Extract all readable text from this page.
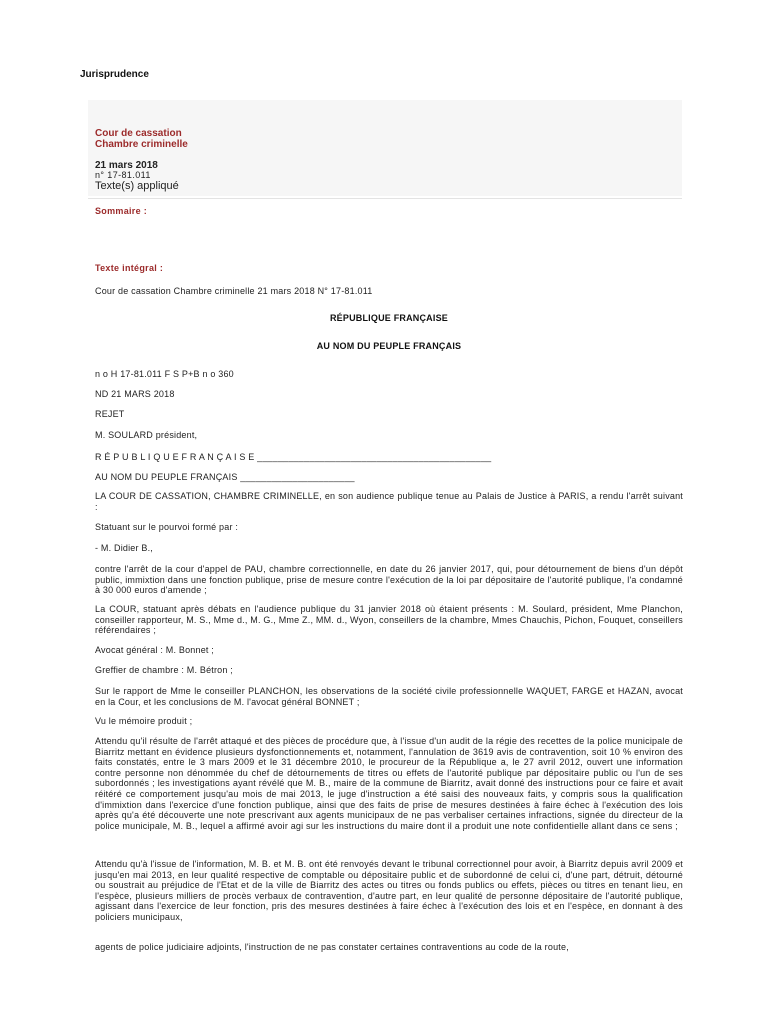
Jurisprudence
Cour de cassation
Chambre criminelle
21 mars 2018
n° 17-81.011
Texte(s) appliqué
Sommaire :
Texte intégral :
Cour de cassation Chambre criminelle 21 mars 2018 N° 17-81.011
RÉPUBLIQUE FRANÇAISE
AU NOM DU PEUPLE FRANÇAIS
n o H 17-81.011 F S P+B n o 360
ND 21 MARS 2018
REJET
M. SOULARD président,
R É P U B L I Q U E F R A N Ç A I S E _____________________________________________
AU NOM DU PEUPLE FRANÇAIS ______________________
LA COUR DE CASSATION, CHAMBRE CRIMINELLE, en son audience publique tenue au Palais de Justice à PARIS, a rendu l'arrêt suivant :
Statuant sur le pourvoi formé par :
- M. Didier B.,
contre l'arrêt de la cour d'appel de PAU, chambre correctionnelle, en date du 26 janvier 2017, qui, pour détournement de biens d'un dépôt public, immixtion dans une fonction publique, prise de mesure contre l'exécution de la loi par dépositaire de l'autorité publique, l'a condamné à 30 000 euros d'amende ;
La COUR, statuant après débats en l'audience publique du 31 janvier 2018 où étaient présents : M. Soulard, président, Mme Planchon, conseiller rapporteur, M. S., Mme d., M. G., Mme Z., MM. d., Wyon, conseillers de la chambre, Mmes Chauchis, Pichon, Fouquet, conseillers référendaires ;
Avocat général : M. Bonnet ;
Greffier de chambre : M. Bétron ;
Sur le rapport de Mme le conseiller PLANCHON, les observations de la société civile professionnelle WAQUET, FARGE et HAZAN, avocat en la Cour, et les conclusions de M. l'avocat général BONNET ;
Vu le mémoire produit ;
Attendu qu'il résulte de l'arrêt attaqué et des pièces de procédure que, à l'issue d'un audit de la régie des recettes de la police municipale de Biarritz mettant en évidence plusieurs dysfonctionnements et, notamment, l'annulation de 3619 avis de contravention, soit 10 % environ des faits constatés, entre le 3 mars 2009 et le 31 décembre 2010, le procureur de la République a, le 27 avril 2012, ouvert une information contre personne non dénommée du chef de détournements de titres ou effets de l'autorité publique par dépositaire public ou l'un de ses subordonnés ; les investigations ayant révélé que M. B., maire de la commune de Biarritz, avait donné des instructions pour ce faire et avait réitéré ce comportement jusqu'au mois de mai 2013, le juge d'instruction a été saisi des nouveaux faits, y compris sous la qualification d'immixtion dans l'exercice d'une fonction publique, ainsi que des faits de prise de mesures destinées à faire échec à l'exécution des lois après qu'a été découverte une note prescrivant aux agents municipaux de ne pas verbaliser certaines infractions, signée du directeur de la police municipale, M. B., lequel a affirmé avoir agi sur les instructions du maire dont il a produit une note confidentielle allant dans ce sens ;
Attendu qu'à l'issue de l'information, M. B. et M. B. ont été renvoyés devant le tribunal correctionnel pour avoir, à Biarritz depuis avril 2009 et jusqu'en mai 2013, en leur qualité respective de comptable ou dépositaire public et de subordonné de celui ci, d'une part, détruit, détourné ou soustrait au préjudice de l'Etat et de la ville de Biarritz des actes ou titres ou fonds publics ou effets, pièces ou titres en tenant lieu, en l'espèce, plusieurs milliers de procès verbaux de contravention, d'autre part, en leur qualité de personne dépositaire de l'autorité publique, agissant dans l'exercice de leur fonction, pris des mesures destinées à faire échec à l'exécution des lois et en l'espèce, en donnant à des policiers municipaux,
agents de police judiciaire adjoints, l'instruction de ne pas constater certaines contraventions au code de la route,
